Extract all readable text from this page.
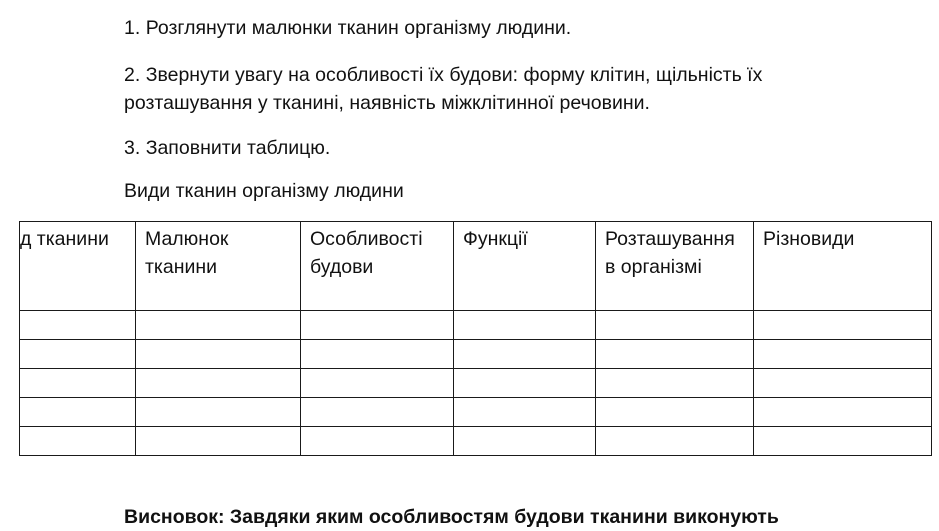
1. Розглянути малюнки тканин організму людини.
2. Звернути увагу на особливості їх будови: форму клітин, щільність їх
розташування у тканині, наявність міжклітинної речовини.
3. Заповнити таблицю.
Види тканин організму людини
д тканини	Малюнок тканини	Особливості будови	Функції	Розташування в організмі	Різновиди

Висновок: Завдяки яким особливостям будови тканини виконують
